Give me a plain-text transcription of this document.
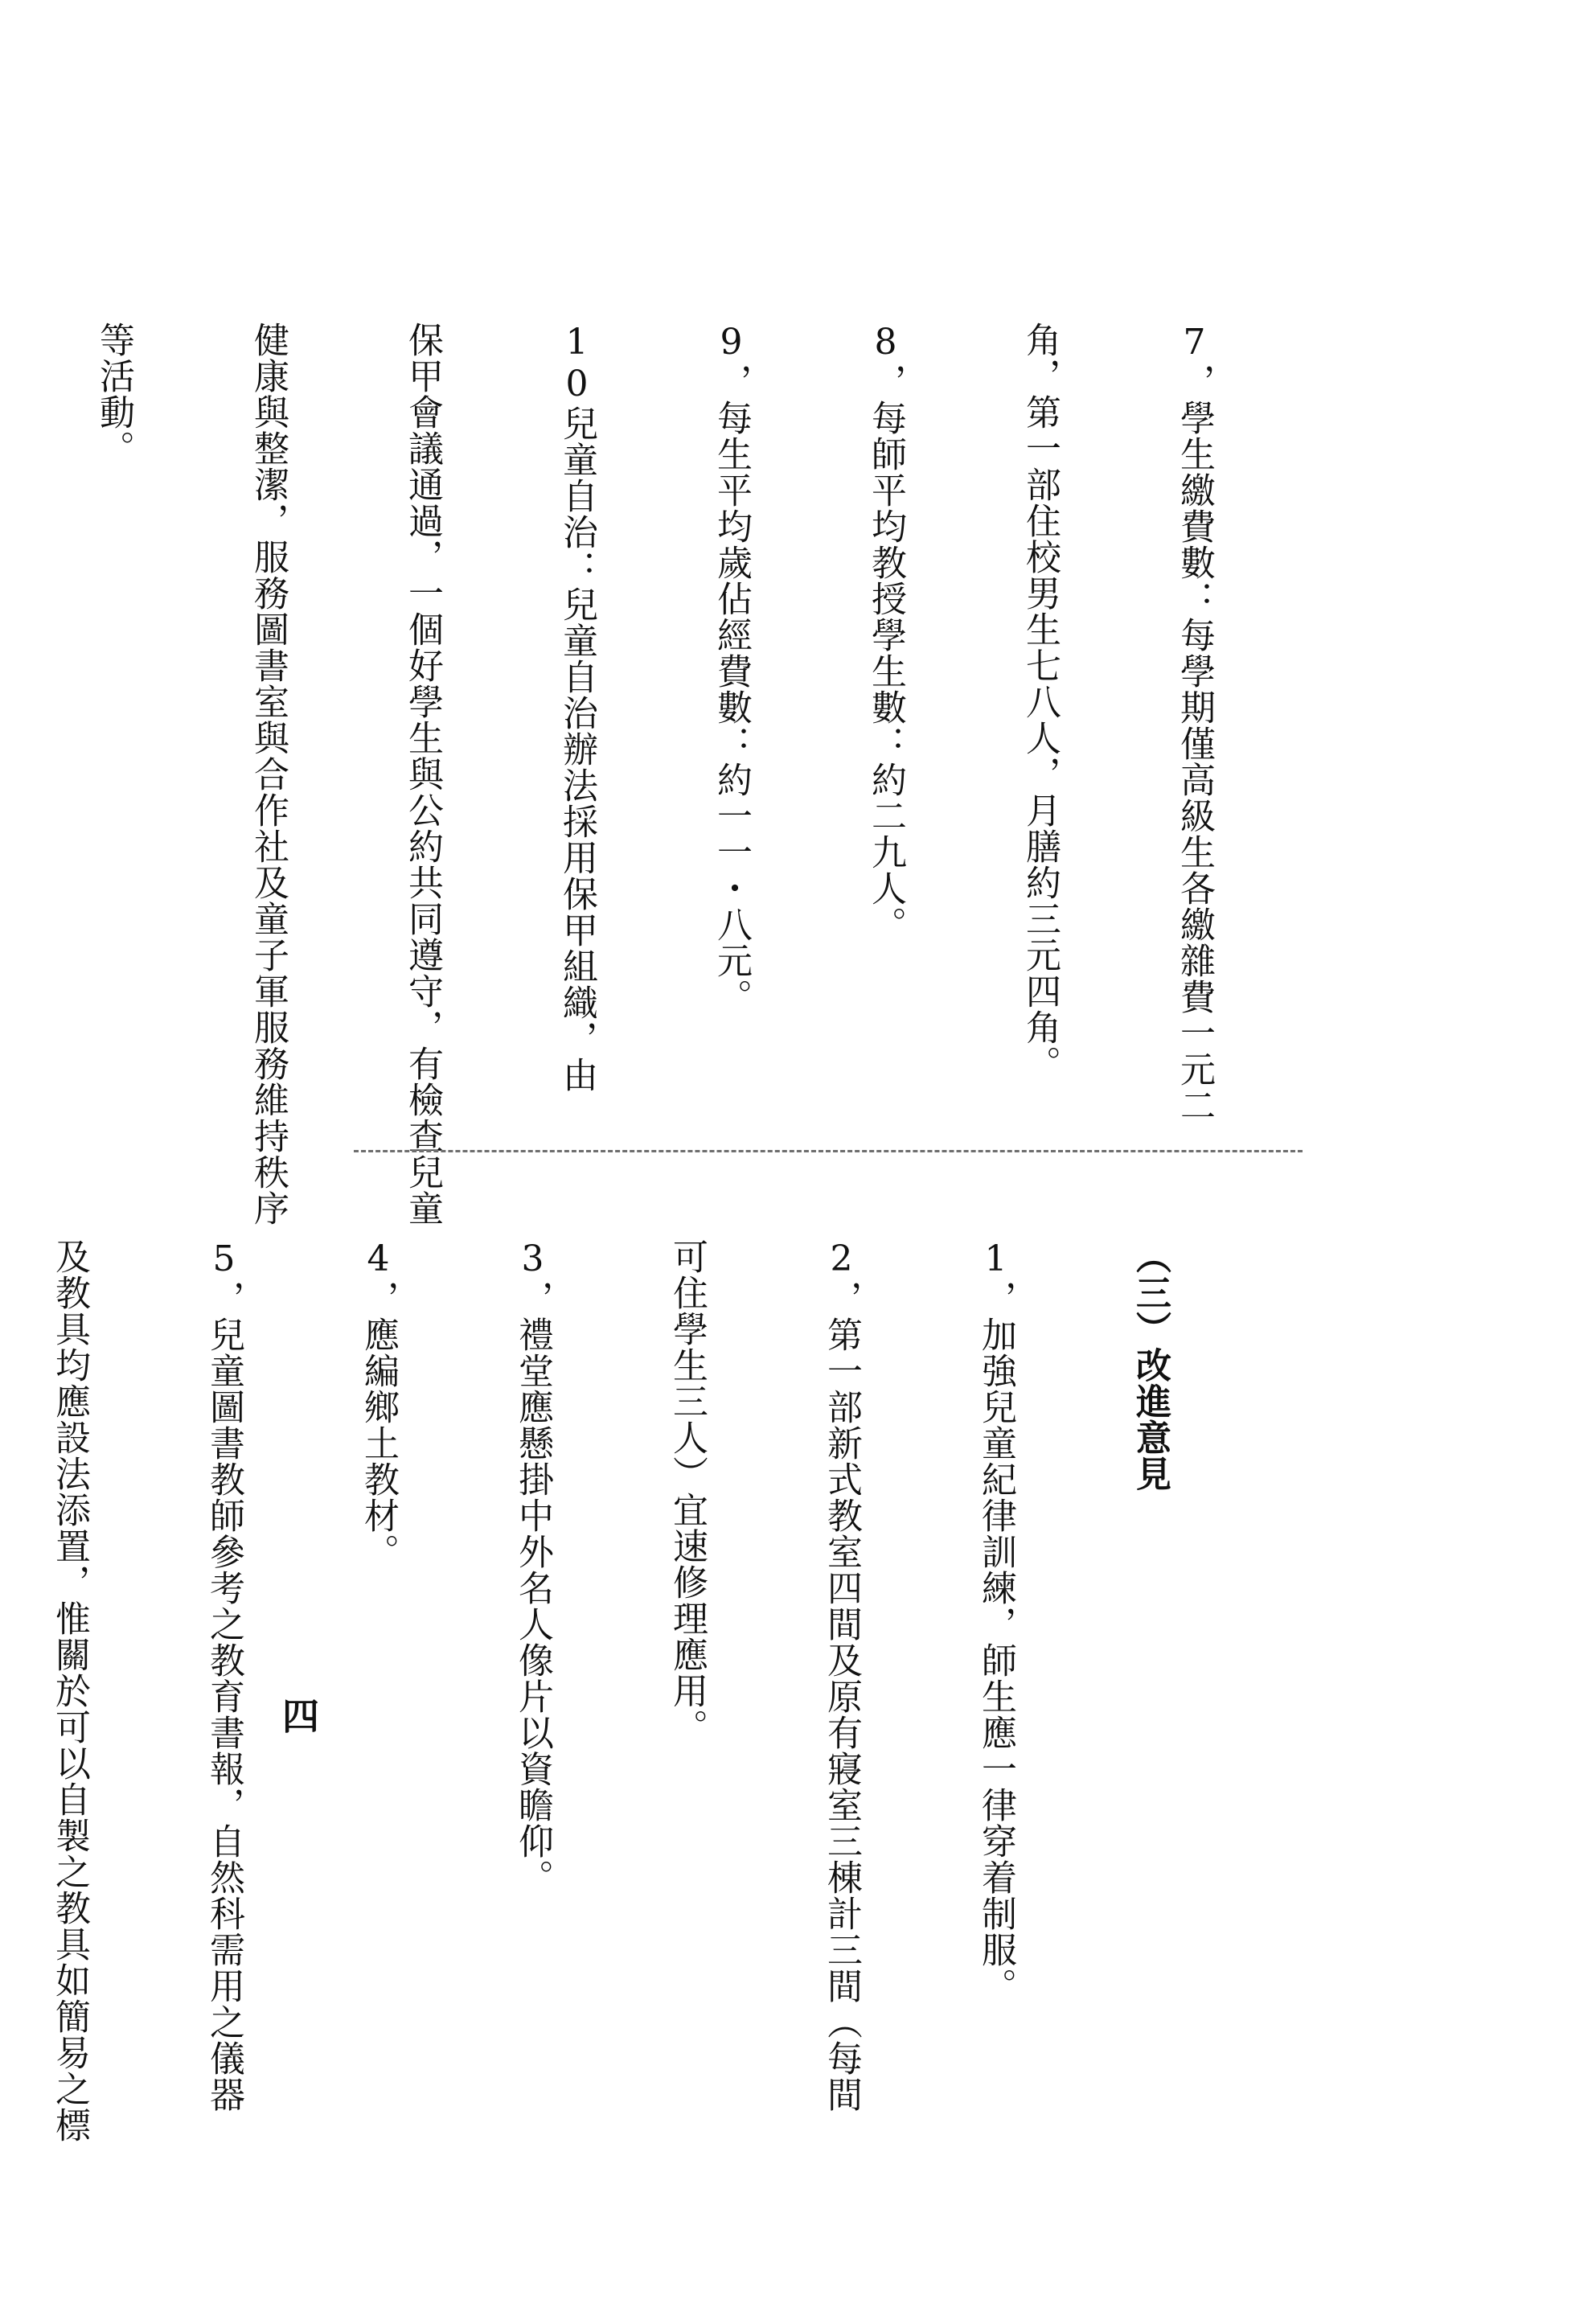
7，學生繳費數：每學期僅高級生各繳雜費一元二

角，第一部住校男生七八人，月膳約三元四角。

8，每師平均教授學生數：約二九人。

9，每生平均歲佔經費數：約一一・八元。

10兒童自治：兒童自治辦法採用保甲組織，由

保甲會議通過，一個好學生與公約共同遵守，有檢查兒童

健康與整潔，服務圖書室與合作社及童子軍服務維持秩序

等活動。

（三）改進意見

1，加強兒童紀律訓練，師生應一律穿着制服。

2，第一部新式教室四間及原有寢室三棟計三間（每間

可住學生三人）宜速修理應用。

3，禮堂應懸掛中外名人像片以資瞻仰。

4，應編鄉土教材。

5，兒童圖書教師參考之教育書報，自然科需用之儀器

及教具均應設法添置，惟關於可以自製之教具如簡易之標

	四
